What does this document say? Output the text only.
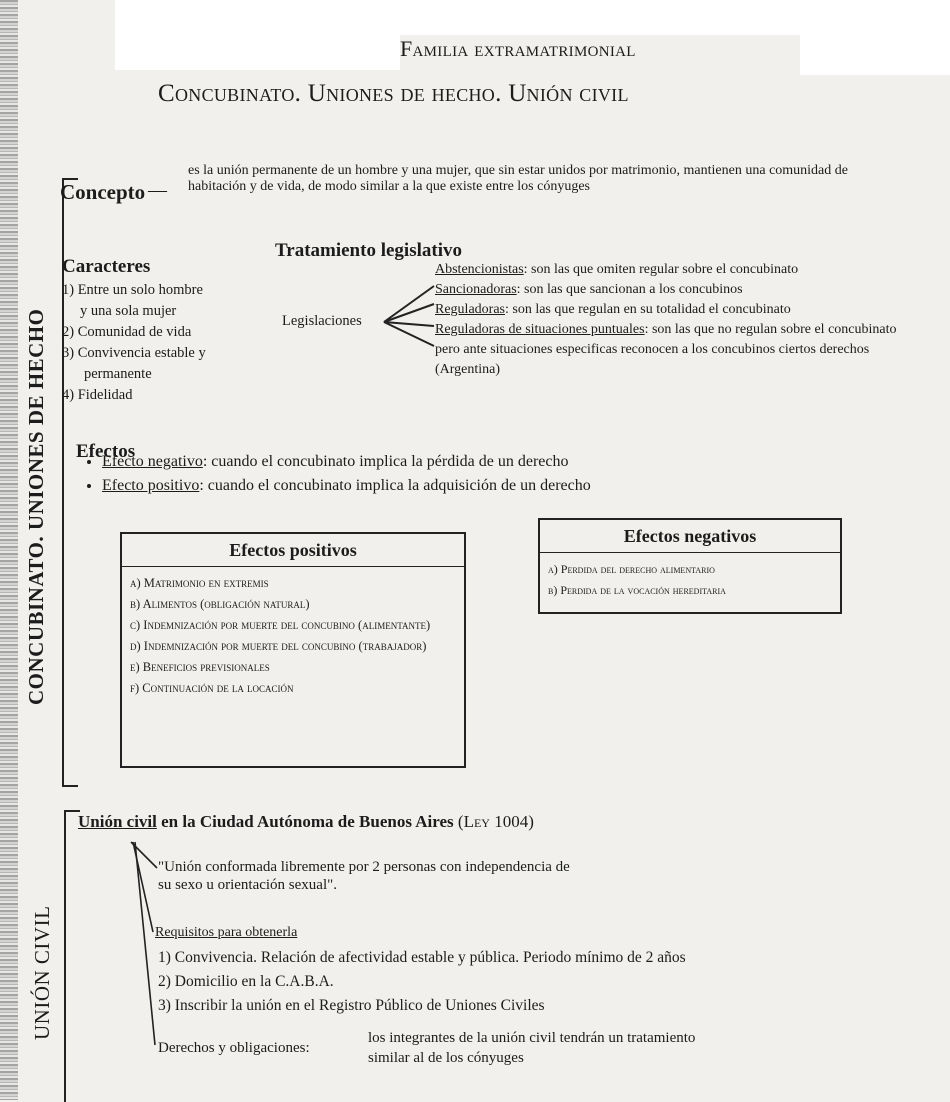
Familia extramatrimonial
Concubinato. Uniones de hecho. Unión civil
CONCUBINATO. UNIONES DE HECHO
UNIÓN CIVIL
Concepto —
es la unión permanente de un hombre y una mujer, que sin estar unidos por matrimonio, mantienen una comunidad de habitación y de vida, de modo similar a la que existe entre los cónyuges
Caracteres
1) Entre un solo hombre
y una sola mujer
2) Comunidad de vida
3) Convivencia estable y
permanente
4) Fidelidad
Tratamiento legislativo
Legislaciones
Abstencionistas: son las que omiten regular sobre el concubinato
Sancionadoras: son las que sancionan a los concubinos
Reguladoras: son las que regulan en su totalidad el concubinato
Reguladoras de situaciones puntuales: son las que no regulan sobre el concubinato pero ante situaciones especificas reconocen a los concubinos ciertos derechos (Argentina)
Efectos
• Efecto negativo: cuando el concubinato implica la pérdida de un derecho
• Efecto positivo: cuando el concubinato implica la adquisición de un derecho
Efectos positivos
a) Matrimonio en extremis
b) Alimentos (obligación natural)
c) Indemnización por muerte del concubino (alimentante)
d) Indemnización por muerte del concubino (trabajador)
e) Beneficios previsionales
f) Continuación de la locación
Efectos negativos
a) Perdida del derecho alimentario
b) Perdida de la vocación hereditaria
Unión civil en la Ciudad Autónoma de Buenos Aires (Ley 1004)
"Unión conformada libremente por 2 personas con independencia de su sexo u orientación sexual".
Requisitos para obtenerla
1) Convivencia. Relación de afectividad estable y pública. Periodo mínimo de 2 años
2) Domicilio en la C.A.B.A.
3) Inscribir la unión en el Registro Público de Uniones Civiles
Derechos y obligaciones:
los integrantes de la unión civil tendrán un tratamiento similar al de los cónyuges
